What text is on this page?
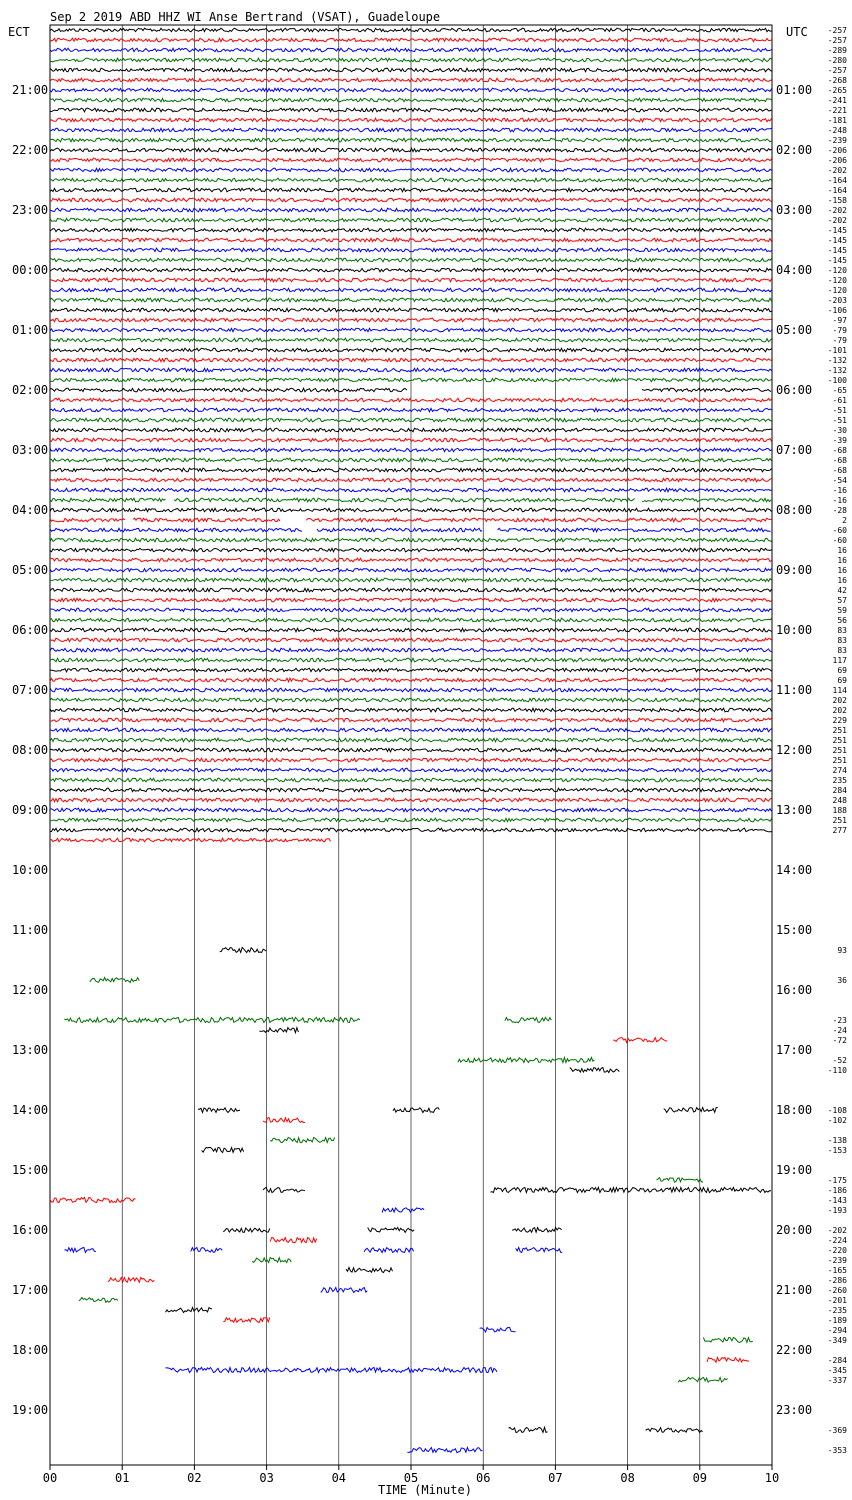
Sep 2 2019 ABD HHZ WI Anse Bertrand (VSAT), Guadeloupe
ECT	UTC
00	01	02	03	04	05	06	07	08	09	10
21:00
22:00
23:00
00:00
01:00
02:00
03:00
04:00
05:00
06:00
07:00
08:00
09:00
10:00
11:00
12:00
13:00
14:00
15:00
16:00
17:00
18:00
19:00
01:00
02:00
03:00
04:00
05:00
06:00
07:00
08:00
09:00
10:00
11:00
12:00
13:00
14:00
15:00
16:00
17:00
18:00
19:00
20:00
21:00
22:00
23:00
-257
-257
-289
-280
-257
-268
-265
-241
-221
-181
-248
-239
-206
-206
-202
-164
-164
-158
-202
-202
-145
-145
-145
-145
-120
-120
-120
-203
-106
-97
-79
-79
-101
-132
-132
-100
-65
-61
-51
-51
-30
-39
-68
-68
-68
-54
-16
-16
-28
2
-60
-60
16
16
16
16
42
57
59
56
83
83
83
117
69
69
114
202
202
229
251
251
251
251
274
235
284
248
188
251
277
93
36
-23
-24
-72
-52
-110
-108
-102
-138
-153
-175
-186
-143
-193
-202
-224
-220
-239
-165
-286
-260
-201
-235
-189
-294
-349
-284
-345
-337
-369
-353
TIME (Minute)
